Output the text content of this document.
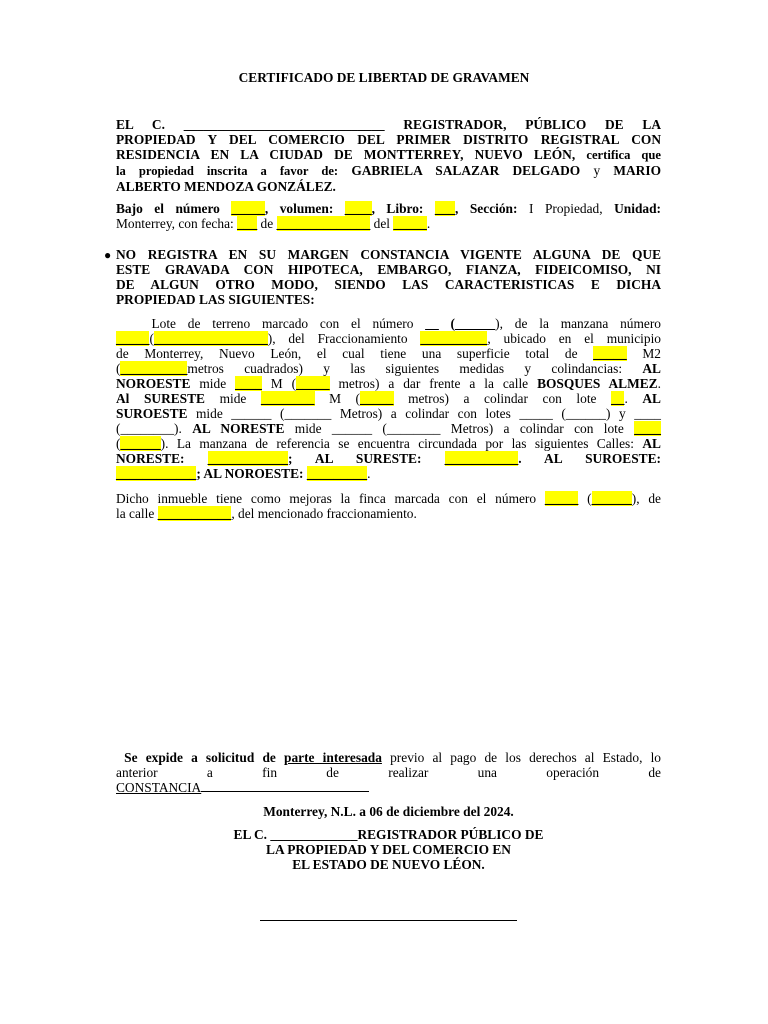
CERTIFICADO DE LIBERTAD DE GRAVAMEN
EL C. ______________________________ REGISTRADOR, PÚBLICO DE LA
PROPIEDAD Y DEL COMERCIO DEL PRIMER DISTRITO REGISTRAL CON
RESIDENCIA EN LA CIUDAD DE MONTTERREY, NUEVO LEÓN, certifica que
la propiedad inscrita a favor de: GABRIELA SALAZAR DELGADO y MARIO
ALBERTO MENDOZA GONZÁLEZ.
Bajo el número _____, volumen: ____, Libro: ___, Sección: I Propiedad, Unidad:
Monterrey, con fecha: ___ de ______________ del _____.
● NO REGISTRA EN SU MARGEN CONSTANCIA VIGENTE ALGUNA DE QUE
ESTE GRAVADA CON HIPOTECA, EMBARGO, FIANZA, FIDEICOMISO, NI
DE ALGUN OTRO MODO, SIENDO LAS CARACTERISTICAS E DICHA
PROPIEDAD LAS SIGUIENTES:
Lote de terreno marcado con el número __ (______), de la manzana número
_____(_________________), del Fraccionamiento __________, ubicado en el municipio
de Monterrey, Nuevo León, el cual tiene una superficie total de _____ M2
(__________metros cuadrados) y las siguientes medidas y colindancias: AL
NOROESTE mide ____ M (_____ metros) a dar frente a la calle BOSQUES ALMEZ.
Al SURESTE mide ________ M (_____ metros) a colindar con lote __. AL
SUROESTE mide ______ (_______ Metros) a colindar con lotes _____ (______) y ____
(________). AL NORESTE mide ______ (________ Metros) a colindar con lote ____
(______). La manzana de referencia se encuentra circundada por las siguientes Calles: AL
NORESTE: ____________; AL SURESTE: ___________. AL SUROESTE:
____________; AL NOROESTE: _________.
Dicho inmueble tiene como mejoras la finca marcada con el número _____ (______), de
la calle ___________, del mencionado fraccionamiento.
Se expide a solicitud de parte interesada previo al pago de los derechos al Estado, lo
anterior a fin de realizar una operación de
CONSTANCIA
Monterrey, N.L. a 06 de diciembre del 2024.
EL C. _____________REGISTRADOR PÚBLICO DE
LA PROPIEDAD Y DEL COMERCIO EN
EL ESTADO DE NUEVO LÉON.
